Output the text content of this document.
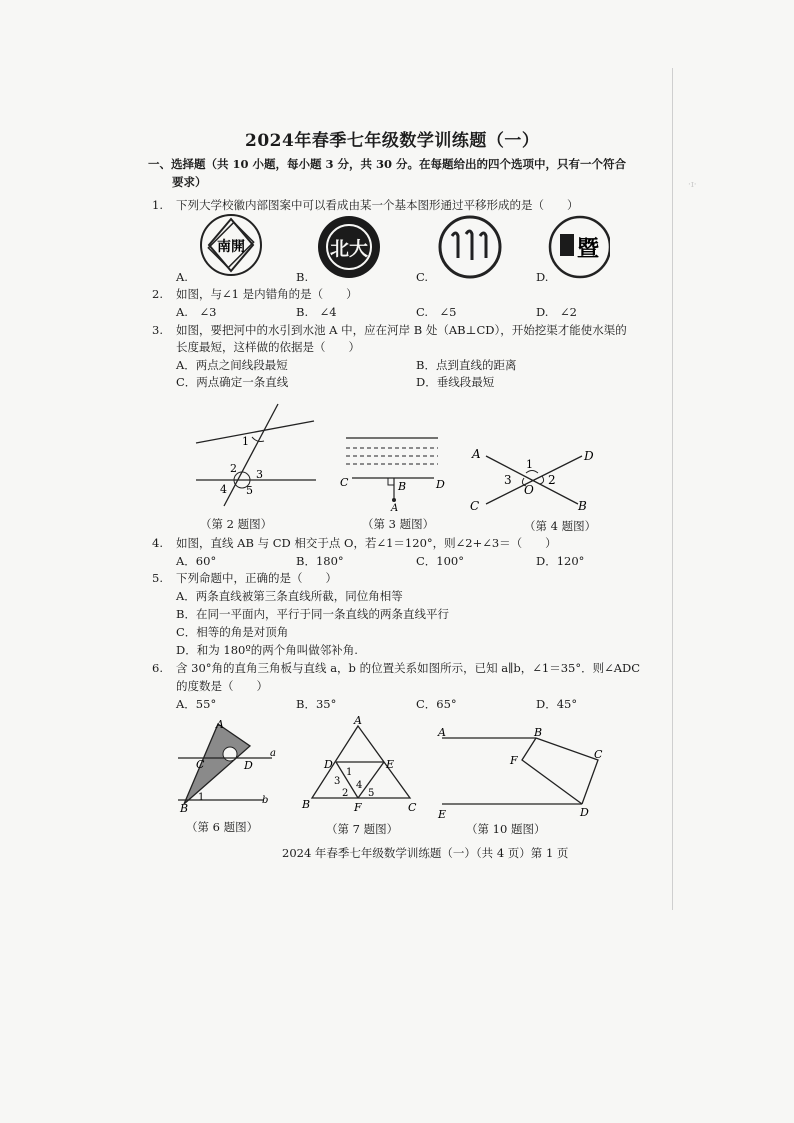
·ɪ·
2024年春季七年级数学训练题（一）
一、选择题（共 10 小题，每小题 3 分，共 30 分。在每题给出的四个选项中，只有一个符合
要求）
1. 下列大学校徽内部图案中可以看成由某一个基本图形通过平移形成的是（　　）
南開	北大
川
暨
A.	B.	C.	D.
2. 如图，与∠1 是内错角的是（　　）
A.　∠3	B.　∠4	C.　∠5	D.　∠2
3. 如图，要把河中的水引到水池 A 中，应在河岸 B 处（AB⊥CD），开始挖渠才能使水渠的
长度最短，这样做的依据是（　　）
A．两点之间线段最短	B．点到直线的距离
C．两点确定一条直线	D．垂线段最短
1
2 3
4 5
（第 2 题图）
C	B	D
A
（第 3 题图）
A	D
1
3
O
2
C	B
（第 4 题图）
4. 如图，直线 AB 与 CD 相交于点 O，若∠1＝120°，则∠2+∠3＝（　　）
A．60°	B．180°	C．100°	D．120°
5. 下列命题中，正确的是（　　）
A．两条直线被第三条直线所截，同位角相等
B．在同一平面内，平行于同一条直线的两条直线平行
C．相等的角是对顶角
D．和为 180º的两个角叫做邻补角.
6. 含 30°角的直角三角板与直线 a，b 的位置关系如图所示，已知 a∥b，∠1＝35°．则∠ADC
的度数是（　　）
A．55°	B．35°	C．65°	D．45°
A
a
C	D
B
1	b
（第 6 题图）
A
D	E
1
3 4
2 5
B	F	C
（第 7 题图）
A	B
F	C
E	D
（第 10 题图）
2024 年春季七年级数学训练题（一）（共 4 页）第 1 页
